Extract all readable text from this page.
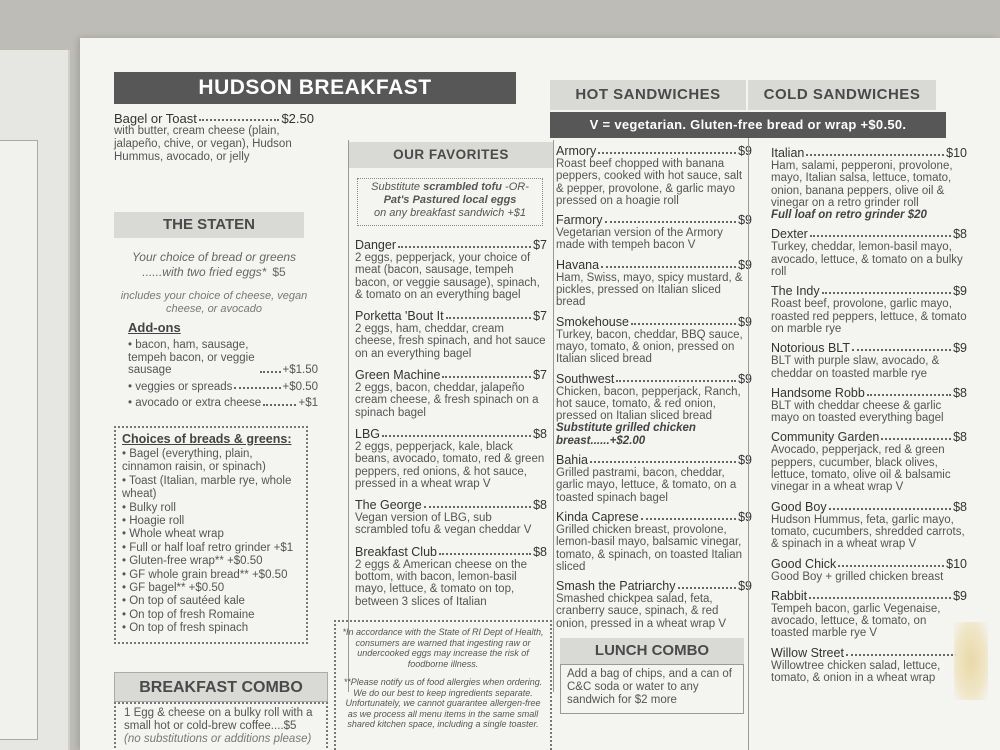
HUDSON BREAKFAST
Bagel or Toast	$2.50
with butter, cream cheese (plain, jalapeño, chive, or vegan), Hudson Hummus, avocado, or jelly
THE STATEN
Your choice of bread or greens
......with two fried eggs* $5
includes your choice of cheese, vegan cheese, or avocado
Add-ons
• bacon, ham, sausage, tempeh bacon, or veggie sausage	+$1.50
• veggies or spreads	+$0.50
• avocado or extra cheese	+$1
Choices of breads & greens:
• Bagel (everything, plain, cinnamon raisin, or spinach)
• Toast (Italian, marble rye, whole wheat)
• Bulky roll
• Hoagie roll
• Whole wheat wrap
• Full or half loaf retro grinder +$1
• Gluten-free wrap** +$0.50
• GF whole grain bread** +$0.50
• GF bagel** +$0.50
• On top of sautéed kale
• On top of fresh Romaine
• On top of fresh spinach
BREAKFAST COMBO
1 Egg & cheese on a bulky roll with a small hot or cold-brew coffee....$5
(no substitutions or additions please)
OUR FAVORITES
Substitute scrambled tofu -OR-
Pat's Pastured local eggs
on any breakfast sandwich +$1
Danger	$7
2 eggs, pepperjack, your choice of meat (bacon, sausage, tempeh bacon, or veggie sausage), spinach, & tomato on an everything bagel
Porketta 'Bout It	$7
2 eggs, ham, cheddar, cream cheese, fresh spinach, and hot sauce on an everything bagel
Green Machine	$7
2 eggs, bacon, cheddar, jalapeño cream cheese, & fresh spinach on a spinach bagel
LBG	$8
2 eggs, pepperjack, kale, black beans, avocado, tomato, red & green peppers, red onions, & hot sauce, pressed in a wheat wrap V
The George	$8
Vegan version of LBG, sub scrambled tofu & vegan cheddar V
Breakfast Club	$8
2 eggs & American cheese on the bottom, with bacon, lemon-basil mayo, lettuce, & tomato on top, between 3 slices of Italian

*In accordance with the State of RI Dept of Health, consumers are warned that ingesting raw or undercooked eggs may increase the risk of foodborne illness.

**Please notify us of food allergies when ordering. We do our best to keep ingredients separate. Unfortunately, we cannot guarantee allergen-free as we process all menu items in the same small shared kitchen space, including a single toaster.

HOT SANDWICHES	COLD SANDWICHES
V = vegetarian. Gluten-free bread or wrap +$0.50.
Armory	$9
Roast beef chopped with banana peppers, cooked with hot sauce, salt & pepper, provolone, & garlic mayo pressed on a hoagie roll
Farmory	$9
Vegetarian version of the Armory made with tempeh bacon V
Havana	$9
Ham, Swiss, mayo, spicy mustard, & pickles, pressed on Italian sliced bread
Smokehouse	$9
Turkey, bacon, cheddar, BBQ sauce, mayo, tomato, & onion, pressed on Italian sliced bread
Southwest	$9
Chicken, bacon, pepperjack, Ranch, hot sauce, tomato, & red onion, pressed on Italian sliced bread
Substitute grilled chicken breast......+$2.00
Bahia	$9
Grilled pastrami, bacon, cheddar, garlic mayo, lettuce, & tomato, on a toasted spinach bagel
Kinda Caprese	$9
Grilled chicken breast, provolone, lemon-basil mayo, balsamic vinegar, tomato, & spinach, on toasted Italian sliced
Smash the Patriarchy	$9
Smashed chickpea salad, feta, cranberry sauce, spinach, & red onion, pressed in a wheat wrap V
LUNCH COMBO
Add a bag of chips, and a can of C&C soda or water to any sandwich for $2 more
Italian	$10
Ham, salami, pepperoni, provolone, mayo, Italian salsa, lettuce, tomato, onion, banana peppers, olive oil & vinegar on a retro grinder roll
Full loaf on retro grinder $20
Dexter	$8
Turkey, cheddar, lemon-basil mayo, avocado, lettuce, & tomato on a bulky roll
The Indy	$9
Roast beef, provolone, garlic mayo, roasted red peppers, lettuce, & tomato on marble rye
Notorious BLT	$9
BLT with purple slaw, avocado, & cheddar on toasted marble rye
Handsome Robb	$8
BLT with cheddar cheese & garlic mayo on toasted everything bagel
Community Garden	$8
Avocado, pepperjack, red & green peppers, cucumber, black olives, lettuce, tomato, olive oil & balsamic vinegar in a wheat wrap V
Good Boy	$8
Hudson Hummus, feta, garlic mayo, tomato, cucumbers, shredded carrots, & spinach in a wheat wrap V
Good Chick	$10
Good Boy + grilled chicken breast
Rabbit	$9
Tempeh bacon, garlic Vegenaise, avocado, lettuce, & tomato, on toasted marble rye V
Willow Street
Willowtree chicken salad, lettuce, tomato, & onion in a wheat wrap
